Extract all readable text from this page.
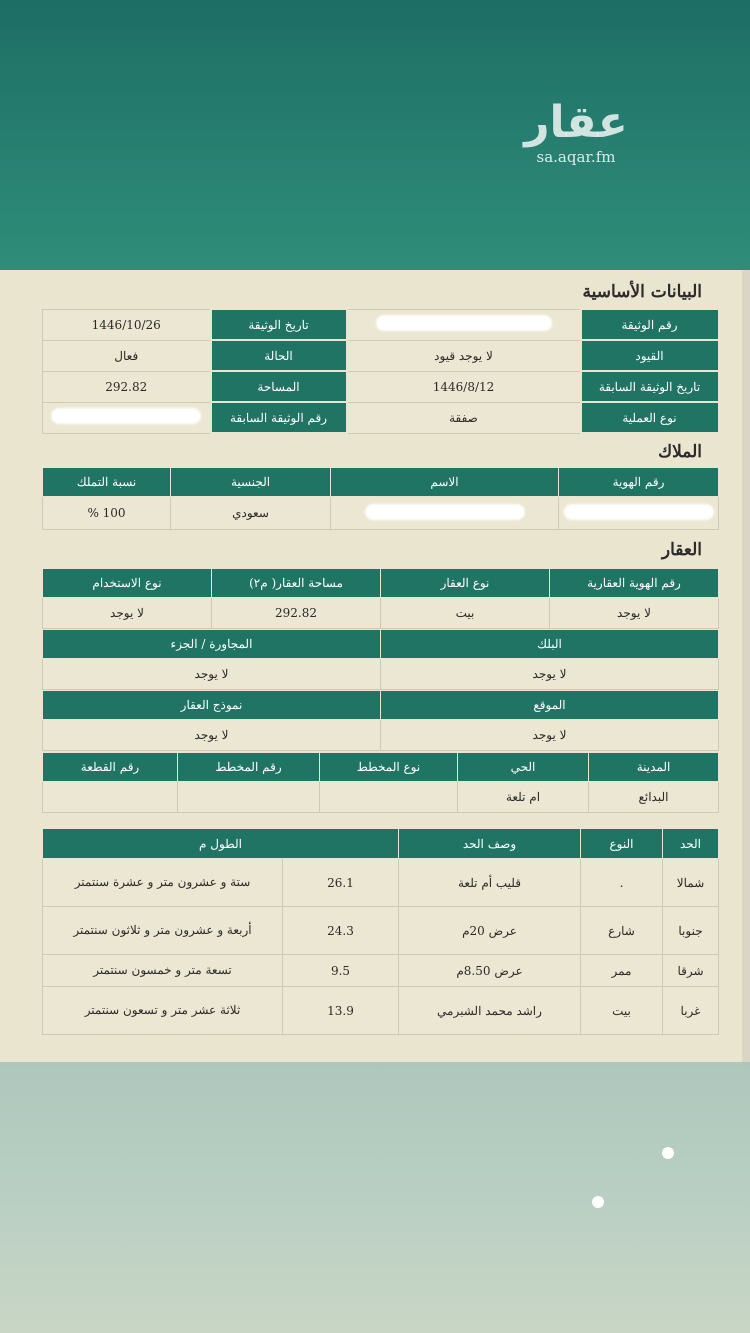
عقار
sa.aqar.fm
البيانات الأساسية
رقم الوثيقة		تاريخ الوثيقة	1446/10/26
القيود	لا يوجد قيود	الحالة	فعال
تاريخ الوثيقة السابقة	1446/8/12	المساحة	292.82
نوع العملية	صفقة	رقم الوثيقة السابقة	
الملاك
رقم الهوية	الاسم	الجنسية	نسبة التملك
		سعودي	100 %
العقار
رقم الهوية العقارية	نوع العقار	مساحة العقار( م٢)	نوع الاستخدام
لا يوجد	بيت	292.82	لا يوجد
البلك	المجاورة / الجزء
لا يوجد	لا يوجد
الموقع	نموذج العقار
لا يوجد	لا يوجد
المدينة	الحي	نوع المخطط	رقم المخطط	رقم القطعة
البدائع	ام تلعة			
الحد	النوع	وصف الحد	الطول م	
شمالا	.	قليب أم تلعة	26.1	ستة و عشرون متر و عشرة سنتمتر
جنوبا	شارع	عرض 20م	24.3	أربعة و عشرون متر و ثلاثون سنتمتر
شرقا	ممر	عرض 8.50م	9.5	تسعة متر و خمسون سنتمتر
غربا	بيت	راشد محمد الشبرمي	13.9	ثلاثة عشر متر و تسعون سنتمتر
